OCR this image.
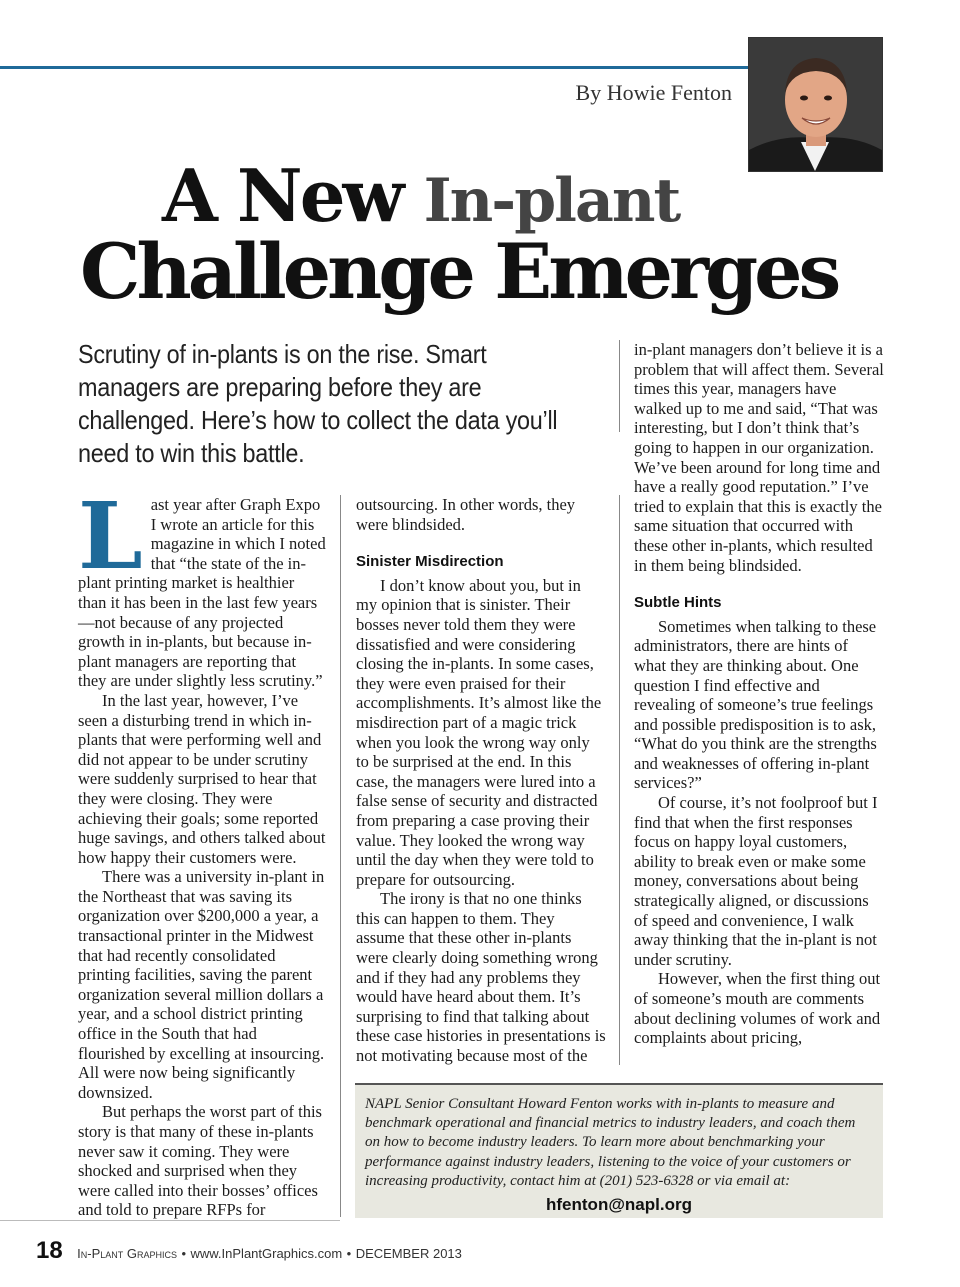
By Howie Fenton
A New In-plant
Challenge Emerges
Scrutiny of in-plants is on the rise. Smart managers are preparing before they are challenged. Here’s how to collect the data you’ll need to win this battle.
L ast year after Graph Expo I wrote an article for this magazine in which I noted that “the state of the in-plant printing market is healthier than it has been in the last few years—not because of any projected growth in in-plants, but because in-plant managers are reporting that they are under slightly less scrutiny.”

In the last year, however, I’ve seen a disturbing trend in which in-plants that were performing well and did not appear to be under scrutiny were suddenly surprised to hear that they were closing. They were achieving their goals; some reported huge savings, and others talked about how happy their customers were.

There was a university in-plant in the Northeast that was saving its organization over $200,000 a year, a transactional printer in the Midwest that had recently consolidated printing facilities, saving the parent organization several million dollars a year, and a school district printing office in the South that had flourished by excelling at insourcing. All were now being significantly downsized.

But perhaps the worst part of this story is that many of these in-plants never saw it coming. They were shocked and surprised when they were called into their bosses’ offices and told to prepare RFPs for

outsourcing. In other words, they were blindsided.

Sinister Misdirection

I don’t know about you, but in my opinion that is sinister. Their bosses never told them they were dissatisfied and were considering closing the in-plants. In some cases, they were even praised for their accomplishments. It’s almost like the misdirection part of a magic trick when you look the wrong way only to be surprised at the end. In this case, the managers were lured into a false sense of security and distracted from preparing a case proving their value. They looked the wrong way until the day when they were told to prepare for outsourcing.

The irony is that no one thinks this can happen to them. They assume that these other in-plants were clearly doing something wrong and if they had any problems they would have heard about them. It’s surprising to find that talking about these case histories in presentations is not motivating because most of the

in-plant managers don’t believe it is a problem that will affect them. Several times this year, managers have walked up to me and said, “That was interesting, but I don’t think that’s going to happen in our organization. We’ve been around for long time and have a really good reputation.” I’ve tried to explain that this is exactly the same situation that occurred with these other in-plants, which resulted in them being blindsided.

Subtle Hints

Sometimes when talking to these administrators, there are hints of what they are thinking about. One question I find effective and revealing of someone’s true feelings and possible predisposition is to ask, “What do you think are the strengths and weaknesses of offering in-plant services?”

Of course, it’s not foolproof but I find that when the first responses focus on happy loyal customers, ability to break even or make some money, conversations about being strategically aligned, or discussions of speed and convenience, I walk away thinking that the in-plant is not under scrutiny.

However, when the first thing out of someone’s mouth are comments about declining volumes of work and complaints about pricing,

NAPL Senior Consultant Howard Fenton works with in-plants to measure and benchmark operational and financial metrics to industry leaders, and coach them on how to become industry leaders. To learn more about benchmarking your performance against industry leaders, listening to the voice of your customers or increasing productivity, contact him at (201) 523-6328 or via email at:
hfenton@napl.org
18 In-Plant Graphics • www.InPlantGraphics.com • DECEMBER 2013
